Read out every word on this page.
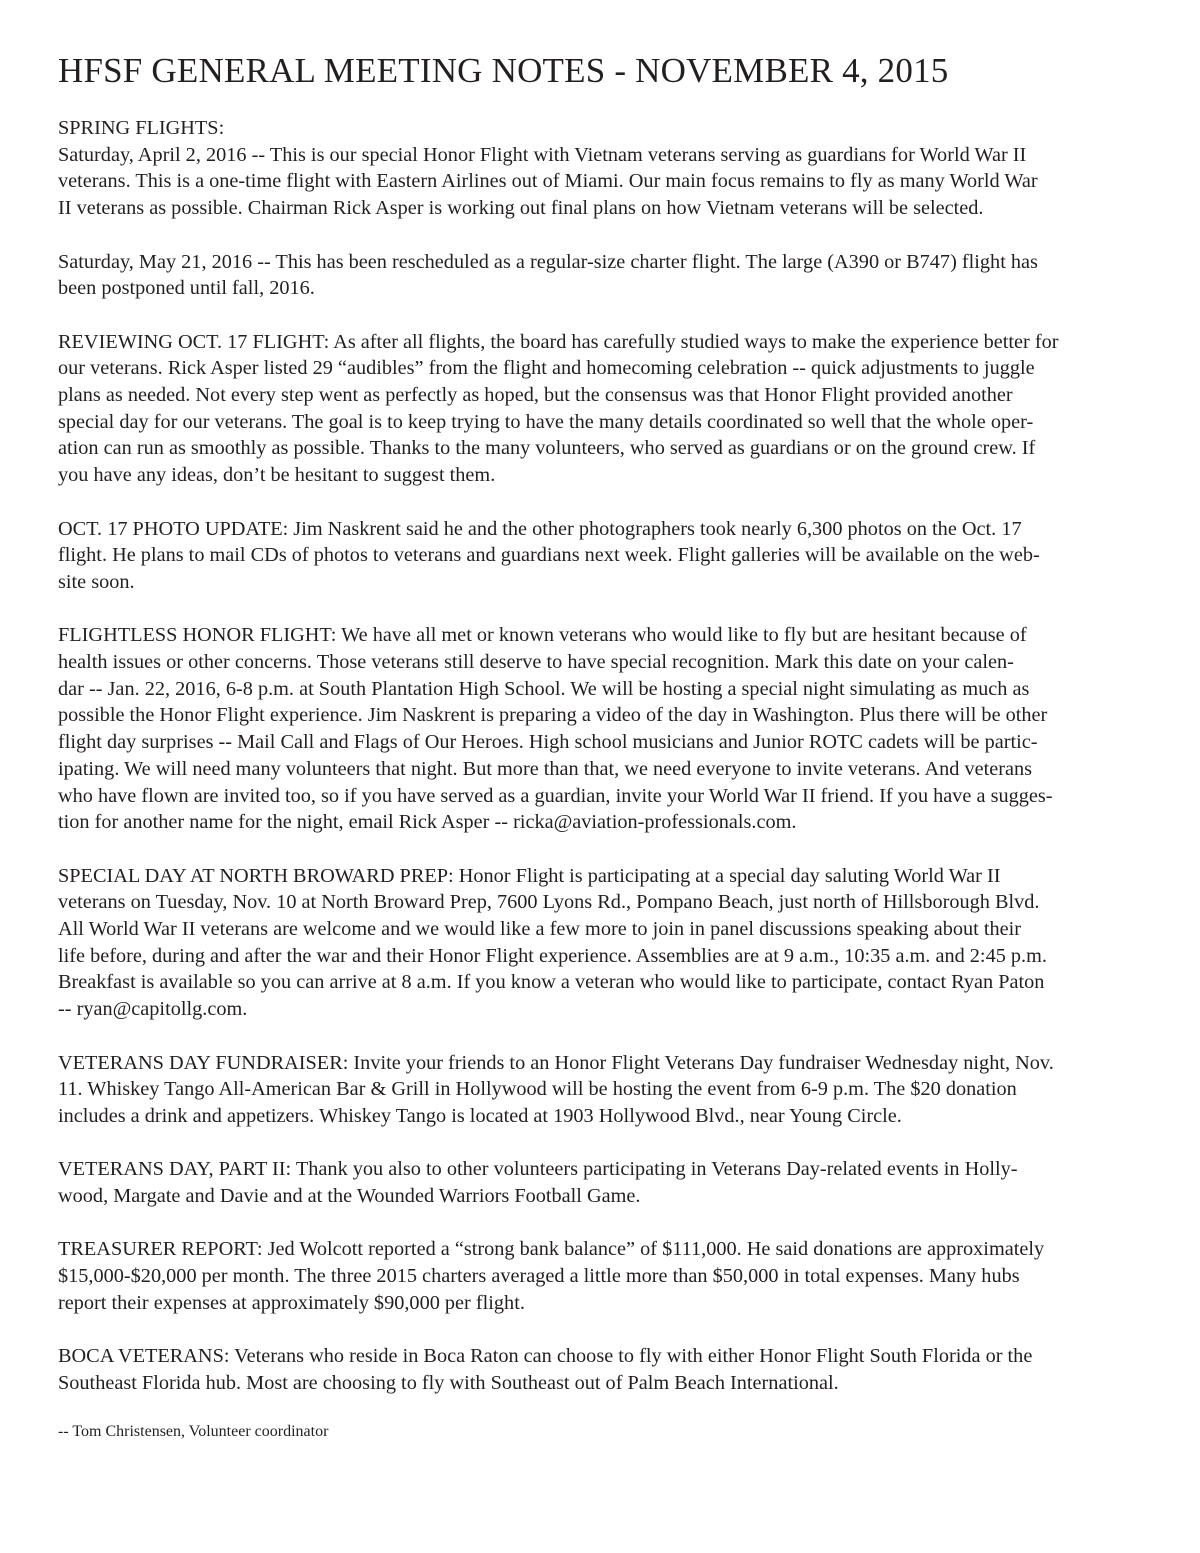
HFSF GENERAL MEETING NOTES - NOVEMBER 4, 2015

SPRING FLIGHTS:
Saturday, April 2, 2016 -- This is our special Honor Flight with Vietnam veterans serving as guardians for World War II
veterans. This is a one-time flight with Eastern Airlines out of Miami. Our main focus remains to fly as many World War
II veterans as possible. Chairman Rick Asper is working out final plans on how Vietnam veterans will be selected.

Saturday, May 21, 2016 -- This has been rescheduled as a regular-size charter flight. The large (A390 or B747) flight has
been postponed until fall, 2016.

REVIEWING OCT. 17 FLIGHT: As after all flights, the board has carefully studied ways to make the experience better for
our veterans. Rick Asper listed 29 “audibles” from the flight and homecoming celebration -- quick adjustments to juggle
plans as needed. Not every step went as perfectly as hoped, but the consensus was that Honor Flight provided another
special day for our veterans. The goal is to keep trying to have the many details coordinated so well that the whole oper-
ation can run as smoothly as possible. Thanks to the many volunteers, who served as guardians or on the ground crew. If
you have any ideas, don’t be hesitant to suggest them.

OCT. 17 PHOTO UPDATE: Jim Naskrent said he and the other photographers took nearly 6,300 photos on the Oct. 17
flight. He plans to mail CDs of photos to veterans and guardians next week. Flight galleries will be available on the web-
site soon.

FLIGHTLESS HONOR FLIGHT: We have all met or known veterans who would like to fly but are hesitant because of
health issues or other concerns. Those veterans still deserve to have special recognition. Mark this date on your calen-
dar -- Jan. 22, 2016, 6-8 p.m. at South Plantation High School. We will be hosting a special night simulating as much as
possible the Honor Flight experience. Jim Naskrent is preparing a video of the day in Washington. Plus there will be other
flight day surprises -- Mail Call and Flags of Our Heroes. High school musicians and Junior ROTC cadets will be partic-
ipating. We will need many volunteers that night. But more than that, we need everyone to invite veterans. And veterans
who have flown are invited too, so if you have served as a guardian, invite your World War II friend. If you have a sugges-
tion for another name for the night, email Rick Asper -- ricka@aviation-professionals.com.

SPECIAL DAY AT NORTH BROWARD PREP: Honor Flight is participating at a special day saluting World War II
veterans on Tuesday, Nov. 10 at North Broward Prep, 7600 Lyons Rd., Pompano Beach, just north of Hillsborough Blvd.
All World War II veterans are welcome and we would like a few more to join in panel discussions speaking about their
life before, during and after the war and their Honor Flight experience. Assemblies are at 9 a.m., 10:35 a.m. and 2:45 p.m.
Breakfast is available so you can arrive at 8 a.m. If you know a veteran who would like to participate, contact Ryan Paton
-- ryan@capitollg.com.

VETERANS DAY FUNDRAISER: Invite your friends to an Honor Flight Veterans Day fundraiser Wednesday night, Nov.
11. Whiskey Tango All-American Bar & Grill in Hollywood will be hosting the event from 6-9 p.m. The $20 donation
includes a drink and appetizers. Whiskey Tango is located at 1903 Hollywood Blvd., near Young Circle.

VETERANS DAY, PART II: Thank you also to other volunteers participating in Veterans Day-related events in Holly-
wood, Margate and Davie and at the Wounded Warriors Football Game.

TREASURER REPORT: Jed Wolcott reported a “strong bank balance” of $111,000. He said donations are approximately
$15,000-$20,000 per month. The three 2015 charters averaged a little more than $50,000 in total expenses. Many hubs
report their expenses at approximately $90,000 per flight.

BOCA VETERANS: Veterans who reside in Boca Raton can choose to fly with either Honor Flight South Florida or the
Southeast Florida hub. Most are choosing to fly with Southeast out of Palm Beach International.

-- Tom Christensen, Volunteer coordinator
